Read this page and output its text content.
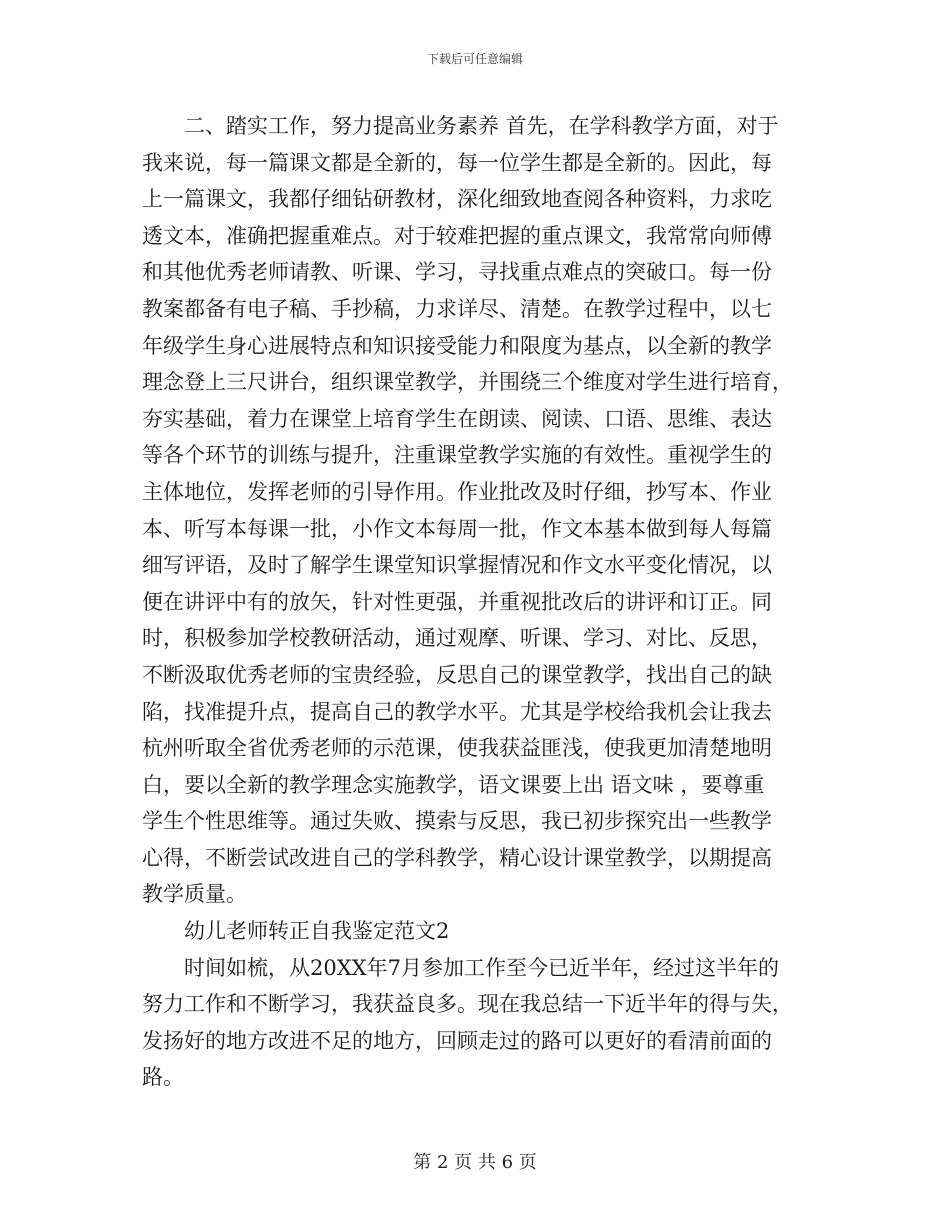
下载后可任意编辑
二、踏实工作，努力提高业务素养 首先，在学科教学方面，对于
我来说，每一篇课文都是全新的，每一位学生都是全新的。因此，每
上一篇课文，我都仔细钻研教材，深化细致地查阅各种资料，力求吃
透文本，准确把握重难点。对于较难把握的重点课文，我常常向师傅
和其他优秀老师请教、听课、学习，寻找重点难点的突破口。每一份
教案都备有电子稿、手抄稿，力求详尽、清楚。在教学过程中，以七
年级学生身心进展特点和知识接受能力和限度为基点，以全新的教学
理念登上三尺讲台，组织课堂教学，并围绕三个维度对学生进行培育，
夯实基础，着力在课堂上培育学生在朗读、阅读、口语、思维、表达
等各个环节的训练与提升，注重课堂教学实施的有效性。重视学生的
主体地位，发挥老师的引导作用。作业批改及时仔细，抄写本、作业
本、听写本每课一批，小作文本每周一批，作文本基本做到每人每篇
细写评语，及时了解学生课堂知识掌握情况和作文水平变化情况，以
便在讲评中有的放矢，针对性更强，并重视批改后的讲评和订正。同
时，积极参加学校教研活动，通过观摩、听课、学习、对比、反思，
不断汲取优秀老师的宝贵经验，反思自己的课堂教学，找出自己的缺
陷，找准提升点，提高自己的教学水平。尤其是学校给我机会让我去
杭州听取全省优秀老师的示范课，使我获益匪浅，使我更加清楚地明
白，要以全新的教学理念实施教学，语文课要上出 语文味 ，要尊重
学生个性思维等。通过失败、摸索与反思，我已初步探究出一些教学
心得，不断尝试改进自己的学科教学，精心设计课堂教学，以期提高
教学质量。
幼儿老师转正自我鉴定范文2
时间如梳，从20XX年7月参加工作至今已近半年，经过这半年的
努力工作和不断学习，我获益良多。现在我总结一下近半年的得与失，
发扬好的地方改进不足的地方，回顾走过的路可以更好的看清前面的
路。
第 2 页 共 6 页
